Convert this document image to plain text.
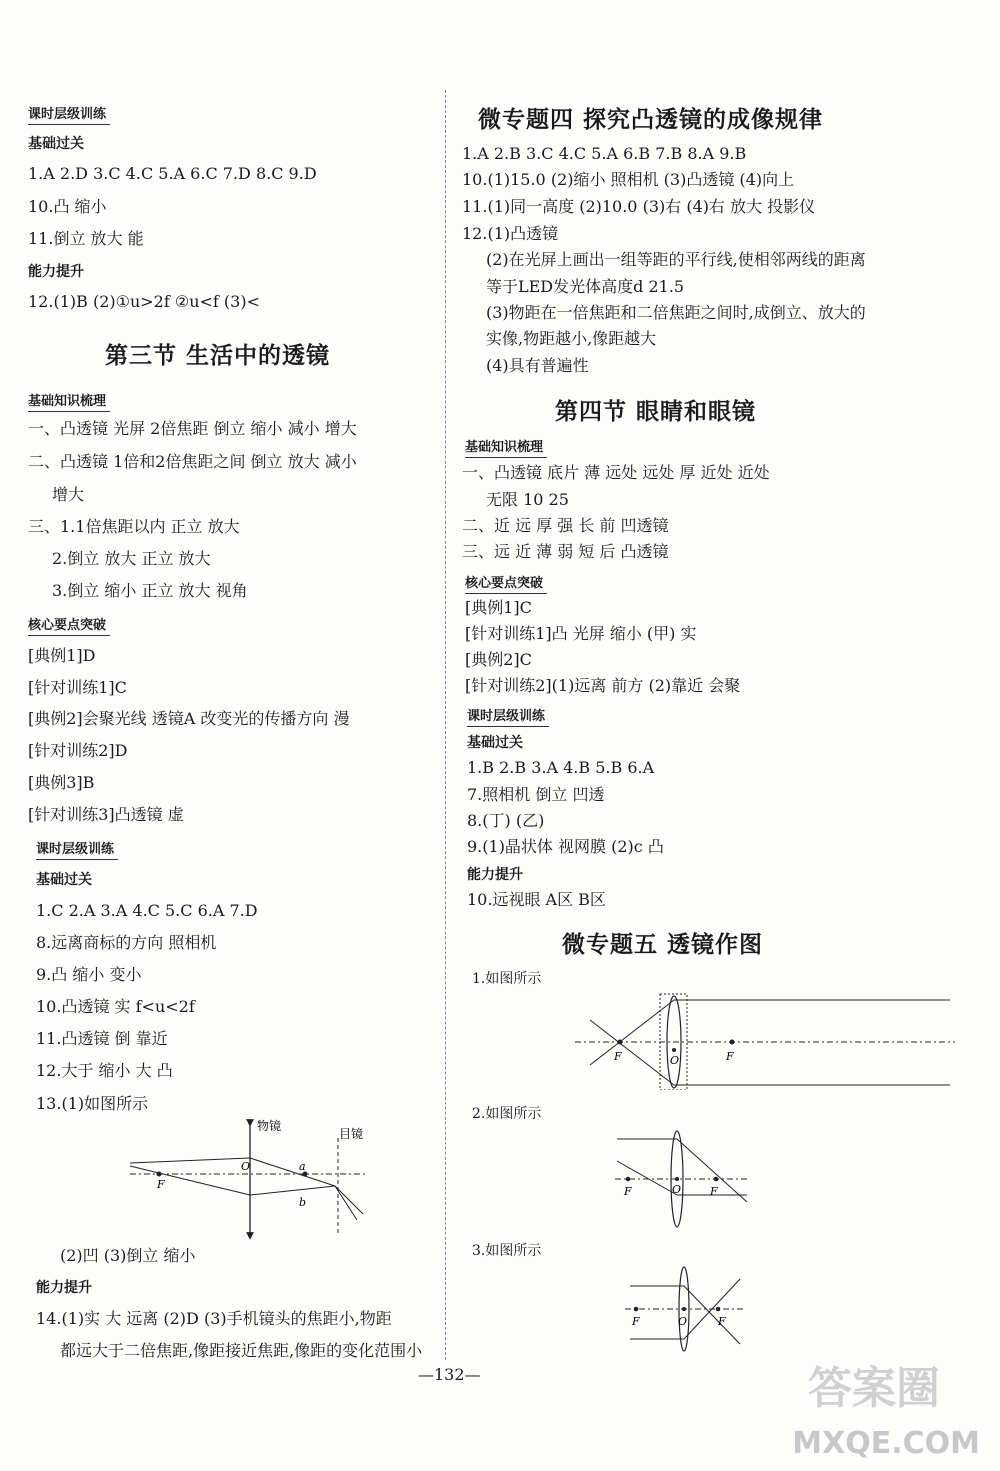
课时层级训练
基础过关
1.A 2.D 3.C 4.C 5.A 6.C 7.D 8.C 9.D
10.凸 缩小
11.倒立 放大 能
能力提升
12.(1)B (2)①u>2f ②u<f (3)<
第三节 生活中的透镜
基础知识梳理
一、凸透镜 光屏 2倍焦距 倒立 缩小 减小 增大
二、凸透镜 1倍和2倍焦距之间 倒立 放大 减小
增大
三、1.1倍焦距以内 正立 放大
2.倒立 放大 正立 放大
3.倒立 缩小 正立 放大 视角
核心要点突破
[典例1]D
[针对训练1]C
[典例2]会聚光线 透镜A 改变光的传播方向 漫
[针对训练2]D
[典例3]B
[针对训练3]凸透镜 虚
课时层级训练
基础过关
1.C 2.A 3.A 4.C 5.C 6.A 7.D
8.远离商标的方向 照相机
9.凸 缩小 变小
10.凸透镜 实 f<u<2f
11.凸透镜 倒 靠近
12.大于 缩小 大 凸
13.(1)如图所示
物镜
目镜
O
F
a
b
(2)凹 (3)倒立 缩小
能力提升
14.(1)实 大 远离 (2)D (3)手机镜头的焦距小,物距
都远大于二倍焦距,像距接近焦距,像距的变化范围小
微专题四 探究凸透镜的成像规律
1.A 2.B 3.C 4.C 5.A 6.B 7.B 8.A 9.B
10.(1)15.0 (2)缩小 照相机 (3)凸透镜 (4)向上
11.(1)同一高度 (2)10.0 (3)右 (4)右 放大 投影仪
12.(1)凸透镜
(2)在光屏上画出一组等距的平行线,使相邻两线的距离
等于LED发光体高度d 21.5
(3)物距在一倍焦距和二倍焦距之间时,成倒立、放大的
实像,物距越小,像距越大
(4)具有普遍性
第四节 眼睛和眼镜
基础知识梳理
一、凸透镜 底片 薄 远处 远处 厚 近处 近处
无限 10 25
二、近 远 厚 强 长 前 凹透镜
三、远 近 薄 弱 短 后 凸透镜
核心要点突破
[典例1]C
[针对训练1]凸 光屏 缩小 (甲) 实
[典例2]C
[针对训练2](1)远离 前方 (2)靠近 会聚
课时层级训练
基础过关
1.B 2.B 3.A 4.B 5.B 6.A
7.照相机 倒立 凹透
8.(丁) (乙)
9.(1)晶状体 视网膜 (2)c 凸
能力提升
10.远视眼 A区 B区
微专题五 透镜作图
1.如图所示
F	O	F
2.如图所示
F	O	F
3.如图所示
F	O	F
—132—	答案圈
MXQE.COM
